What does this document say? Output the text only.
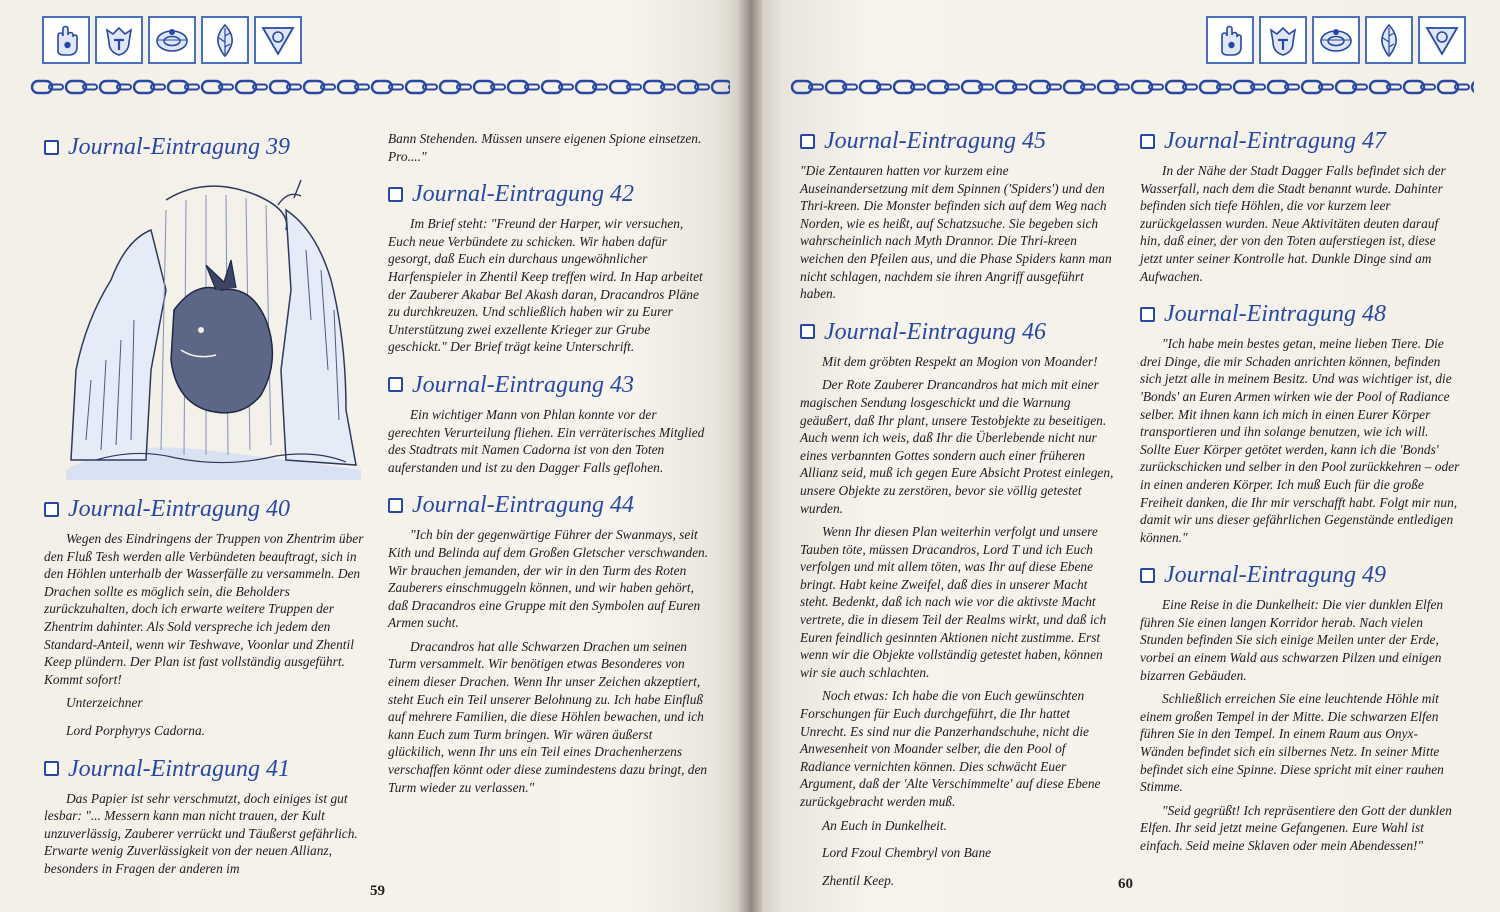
Journal-Eintragung 39
Journal-Eintragung 40

Wegen des Eindringens der Truppen von Zhentrim über den Fluß Tesh werden alle Verbündeten beauftragt, sich in den Höhlen unterhalb der Wasserfälle zu versammeln. Den Drachen sollte es möglich sein, die Beholders zurückzuhalten, doch ich erwarte weitere Truppen der Zhentrim dahinter. Als Sold verspreche ich jedem den Standard-Anteil, wenn wir Teshwave, Voonlar und Zhentil Keep plündern. Der Plan ist fast vollständig ausgeführt. Kommt sofort!

Unterzeichner

Lord Porphyrys Cadorna.

Journal-Eintragung 41

Das Papier ist sehr verschmutzt, doch einiges ist gut lesbar: "... Messern kann man nicht trauen, der Kult unzuverlässig, Zauberer verrückt und Täußerst gefährlich. Erwarte wenig Zuverlässigkeit von der neuen Allianz, besonders in Fragen der anderen im

Bann Stehenden. Müssen unsere eigenen Spione einsetzen. Pro...."

Journal-Eintragung 42

Im Brief steht: "Freund der Harper, wir versuchen, Euch neue Verbündete zu schicken. Wir haben dafür gesorgt, daß Euch ein durchaus ungewöhnlicher Harfenspieler in Zhentil Keep treffen wird. In Hap arbeitet der Zauberer Akabar Bel Akash daran, Dracandros Pläne zu durchkreuzen. Und schließlich haben wir zu Eurer Unterstützung zwei exzellente Krieger zur Grube geschickt." Der Brief trägt keine Unterschrift.

Journal-Eintragung 43

Ein wichtiger Mann von Phlan konnte vor der gerechten Verurteilung fliehen. Ein verräterisches Mitglied des Stadtrats mit Namen Cadorna ist von den Toten auferstanden und ist zu den Dagger Falls geflohen.

Journal-Eintragung 44

"Ich bin der gegenwärtige Führer der Swanmays, seit Kith und Belinda auf dem Großen Gletscher verschwanden. Wir brauchen jemanden, der wir in den Turm des Roten Zauberers einschmuggeln können, und wir haben gehört, daß Dracandros eine Gruppe mit den Symbolen auf Euren Armen sucht.

Dracandros hat alle Schwarzen Drachen um seinen Turm versammelt. Wir benötigen etwas Besonderes von einem dieser Drachen. Wenn Ihr unser Zeichen akzeptiert, steht Euch ein Teil unserer Belohnung zu. Ich habe Einfluß auf mehrere Familien, die diese Höhlen bewachen, und ich kann Euch zum Turm bringen. Wir wären äußerst glückilich, wenn Ihr uns ein Teil eines Drachenherzens verschaffen könnt oder diese zumindestens dazu bringt, den Turm wieder zu verlassen."

59
Journal-Eintragung 45

"Die Zentauren hatten vor kurzem eine Auseinandersetzung mit dem Spinnen ('Spiders') und den Thri-kreen. Die Monster befinden sich auf dem Weg nach Norden, wie es heißt, auf Schatzsuche. Sie begeben sich wahrscheinlich nach Myth Drannor. Die Thri-kreen weichen den Pfeilen aus, und die Phase Spiders kann man nicht schlagen, nachdem sie ihren Angriff ausgeführt haben.

Journal-Eintragung 46

Mit dem gröbten Respekt an Mogion von Moander!

Der Rote Zauberer Drancandros hat mich mit einer magischen Sendung losgeschickt und die Warnung geäußert, daß Ihr plant, unsere Testobjekte zu beseitigen. Auch wenn ich weis, daß Ihr die Überlebende nicht nur eines verbannten Gottes sondern auch einer früheren Allianz seid, muß ich gegen Eure Absicht Protest einlegen, unsere Objekte zu zerstören, bevor sie völlig getestet wurden.

Wenn Ihr diesen Plan weiterhin verfolgt und unsere Tauben töte, müssen Dracandros, Lord T und ich Euch verfolgen und mit allem töten, was Ihr auf diese Ebene bringt. Habt keine Zweifel, daß dies in unserer Macht steht. Bedenkt, daß ich nach wie vor die aktivste Macht vertrete, die in diesem Teil der Realms wirkt, und daß ich Euren feindlich gesinnten Aktionen nicht zustimme. Erst wenn wir die Objekte vollständig getestet haben, können wir sie auch schlachten.

Noch etwas: Ich habe die von Euch gewünschten Forschungen für Euch durchgeführt, die Ihr hattet Unrecht. Es sind nur die Panzerhandschuhe, nicht die Anwesenheit von Moander selber, die den Pool of Radiance vernichten können. Dies schwächt Euer Argument, daß der 'Alte Verschimmelte' auf diese Ebene zurückgebracht werden muß.

An Euch in Dunkelheit.

Lord Fzoul Chembryl von Bane

Zhentil Keep.

Journal-Eintragung 47

In der Nähe der Stadt Dagger Falls befindet sich der Wasserfall, nach dem die Stadt benannt wurde. Dahinter befinden sich tiefe Höhlen, die vor kurzem leer zurückgelassen wurden. Neue Aktivitäten deuten darauf hin, daß einer, der von den Toten auferstiegen ist, diese jetzt unter seiner Kontrolle hat. Dunkle Dinge sind am Aufwachen.

Journal-Eintragung 48

"Ich habe mein bestes getan, meine lieben Tiere. Die drei Dinge, die mir Schaden anrichten können, befinden sich jetzt alle in meinem Besitz. Und was wichtiger ist, die 'Bonds' an Euren Armen wirken wie der Pool of Radiance selber. Mit ihnen kann ich mich in einen Eurer Körper transportieren und ihn solange benutzen, wie ich will. Sollte Euer Körper getötet werden, kann ich die 'Bonds' zurückschicken und selber in den Pool zurückkehren – oder in einen anderen Körper. Ich muß Euch für die große Freiheit danken, die Ihr mir verschafft habt. Folgt mir nun, damit wir uns dieser gefährlichen Gegenstände entledigen können."

Journal-Eintragung 49

Eine Reise in die Dunkelheit: Die vier dunklen Elfen führen Sie einen langen Korridor herab. Nach vielen Stunden befinden Sie sich einige Meilen unter der Erde, vorbei an einem Wald aus schwarzen Pilzen und einigen bizarren Gebäuden.

Schließlich erreichen Sie eine leuchtende Höhle mit einem großen Tempel in der Mitte. Die schwarzen Elfen führen Sie in den Tempel. In einem Raum aus Onyx-Wänden befindet sich ein silbernes Netz. In seiner Mitte befindet sich eine Spinne. Diese spricht mit einer rauhen Stimme.

"Seid gegrüßt! Ich repräsentiere den Gott der dunklen Elfen. Ihr seid jetzt meine Gefangenen. Eure Wahl ist einfach. Seid meine Sklaven oder mein Abendessen!"

60
